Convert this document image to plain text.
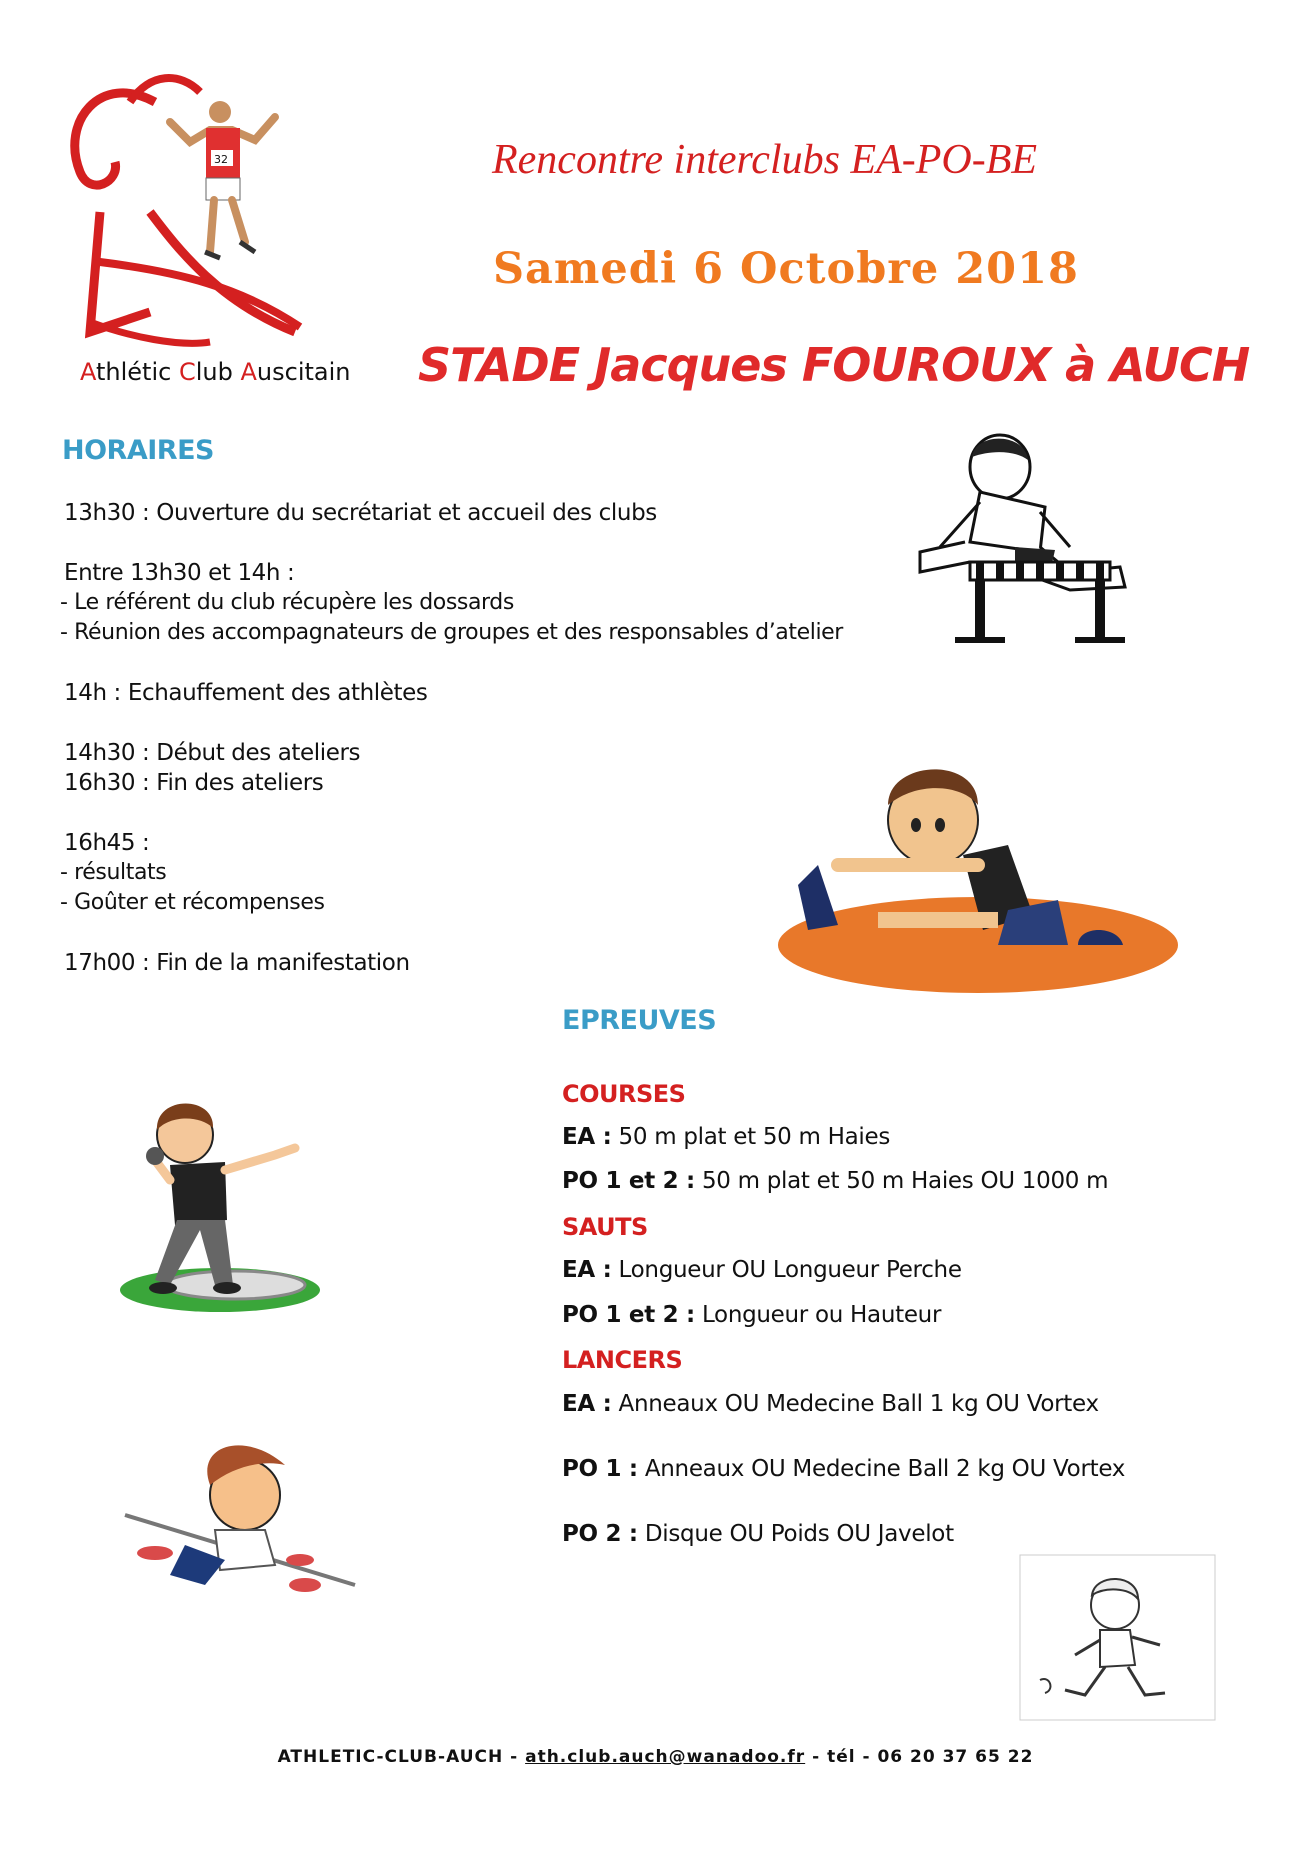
32
Athlétic Club Auscitain
Rencontre interclubs EA-PO-BE
Samedi 6 Octobre 2018
STADE Jacques FOUROUX à AUCH
HORAIRES
13h30 : Ouverture du secrétariat et accueil des clubs
Entre 13h30 et 14h :
- Le référent du club récupère les dossards
- Réunion des accompagnateurs de groupes et des responsables d’atelier
14h : Echauffement des athlètes
14h30 : Début des ateliers
16h30 : Fin des ateliers
16h45 :
- résultats
- Goûter et récompenses
17h00 : Fin de la manifestation
EPREUVES
COURSES
EA : 50 m plat et 50 m Haies
PO 1 et 2 : 50 m plat et 50 m Haies OU 1000 m
SAUTS
EA : Longueur OU Longueur Perche
PO 1 et 2 : Longueur ou Hauteur
LANCERS
EA : Anneaux OU Medecine Ball 1 kg OU Vortex
PO 1 : Anneaux OU Medecine Ball 2 kg OU Vortex
PO 2 : Disque OU Poids OU Javelot
ATHLETIC-CLUB-AUCH - ath.club.auch@wanadoo.fr - tél - 06 20 37 65 22
